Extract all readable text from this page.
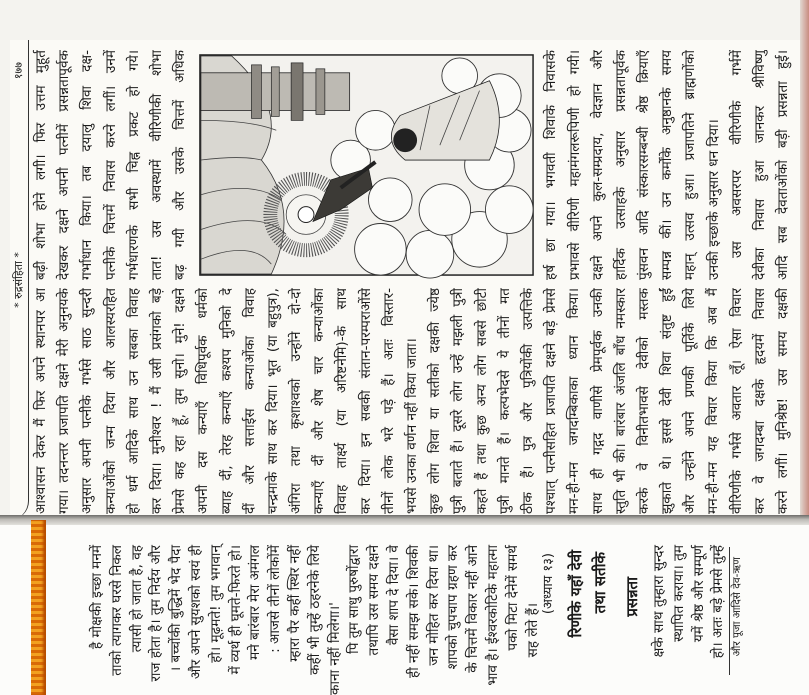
* रुद्रसंहिता *
१७७
आश्वासन देकर मैं फिर अपने स्थानपर आ गया। तदनन्तर प्रजापति दक्षने मेरी अनुनयके अनुसार अपनी पत्नीके गर्भसे साठ सुन्दरी कन्याओंको जन्म दिया और आलस्यरहित हो धर्म आदिके साथ उन सबका विवाह कर दिया। मुनीश्वर ! मैं उसी प्रसंगको बड़े प्रेमसे कह रहा हूँ, तुम सुनो। मुने! दक्षने अपनी दस कन्याएँ विधिपूर्वक धर्मको ब्याह दीं, तेरह कन्याएँ कश्यप मुनिको दे दीं और सत्ताईस कन्याओंका विवाह चन्द्रमाके साथ कर दिया। भूत (या बहुपुत्र), अंगिरा तथा कृशाश्वको उन्होंने दो-दो कन्याएँ दीं और शेष चार कन्याओंका विवाह तार्क्ष्य (या अरिष्टनेमि)-के साथ कर दिया। इन सबकी संतान-परम्पराओंसे तीनों लोक भरे पड़े हैं। अतः विस्तार- भयसे उनका वर्णन नहीं किया जाता। कुछ लोग शिवा या सतीको दक्षकी ज्येष्ठ पुत्री बताते हैं। दूसरे लोग उन्हें मझली पुत्री कहते हैं तथा कुछ अन्य लोग सबसे छोटी पुत्री मानते हैं। कल्पभेदसे ये तीनों मत ठीक हैं। पुत्र और पुत्रियोंकी उत्पत्तिके पश्चात् पत्नीसहित प्रजापति दक्षने बड़े प्रेमसे मन-ही-मन जगदम्बिकाका ध्यान किया। साथ ही गद्गद वाणीसे प्रेमपूर्वक उनकी स्तुति भी की। बारंबार अंजलि बाँध नमस्कार करके वे विनीतभावसे देवीको मस्तक झुकाते थे। इससे देवी शिवा संतुष्ट हुईं और उन्होंने अपने प्रणकी पूर्तिके लिये मन-ही-मन यह विचार किया कि अब मैं वीरिणीके गर्भसे अवतार लूँ। ऐसा विचार कर वे जगदम्बा दक्षके हृदयमें निवास करने लगीं। मुनिश्रेष्ठ! उस समय दक्षकी
बढ़ी शोभा होने लगी। फिर उत्तम मुहूर्त देखकर दक्षने अपनी पत्नीमें प्रसन्नतापूर्वक गर्भाधान किया। तब दयालु शिवा दक्ष- पत्नीके चित्तमें निवास करने लगीं। उनमें गर्भधारणके सभी चिह्न प्रकट हो गये। तात! उस अवस्थामें वीरिणीकी शोभा बढ़ गयी और उसके चित्तमें अधिक	हर्ष छा गया। भगवती शिवाके निवासके प्रभावसे वीरिणी महामंगलरूपिणी हो गयी। दक्षने अपने कुल-सम्प्रदाय, वेदज्ञान और हार्दिक उत्साहके अनुसार प्रसन्नतापूर्वक पुंसवन आदि संस्कारसम्बन्धी श्रेष्ठ क्रियाएँ सम्पन्न कीं। उन कर्मोंके अनुष्ठानके समय महान् उत्सव हुआ। प्रजापतिने ब्राह्मणोंको उनकी इच्छाके अनुसार धन दिया। उस अवसरपर वीरिणीके गर्भमें देवीका निवास हुआ जानकर श्रीविष्णु आदि सब देवताओंको बड़ी प्रसन्नता हुई।
(अध्याय १३) रिणीके यहाँ देवी तथा सतीके प्रसन्नता	और पूजा आदिसे देव-ऋण
है मोक्षकी इच्छा मनमें ताको त्यागकर घरसे निकल त्यासी हो जाता है, वह राज होता है। तुम निर्दय और । बच्चोंकी बुद्धिमें भेद पैदा और अपने सुयशको स्वयं ही हो। मूढ़मते! तुम भगवान् में व्यर्थ ही घूमते-फिरते हो। मने बारंबार मेरा अमंगल : आजसे तीनों लोकोंमें म्हारा पैर कहीं स्थिर नहीं कहीं भी तुम्हें ठहरनेके लिये काना नहीं मिलेगा।' पि तुम साधु पुरुषोंद्वारा तथापि उस समय दक्षने वैसा शाप दे दिया। वे ही नहीं समझ सके। शिवकी जन मोहित कर दिया था। शापको चुपचाप ग्रहण कर के चित्तमें विकार नहीं आने भाव है। ईश्वरकोटिके महात्मा पको मिटा देनेमें समर्थ सह लेते हैं।	क्षके साथ तुम्हारा सुन्दर स्थापित कराया। तुम यमें श्रेष्ठ और सम्पूर्ण हो। अतः बड़े प्रेमसे तुम्हें
